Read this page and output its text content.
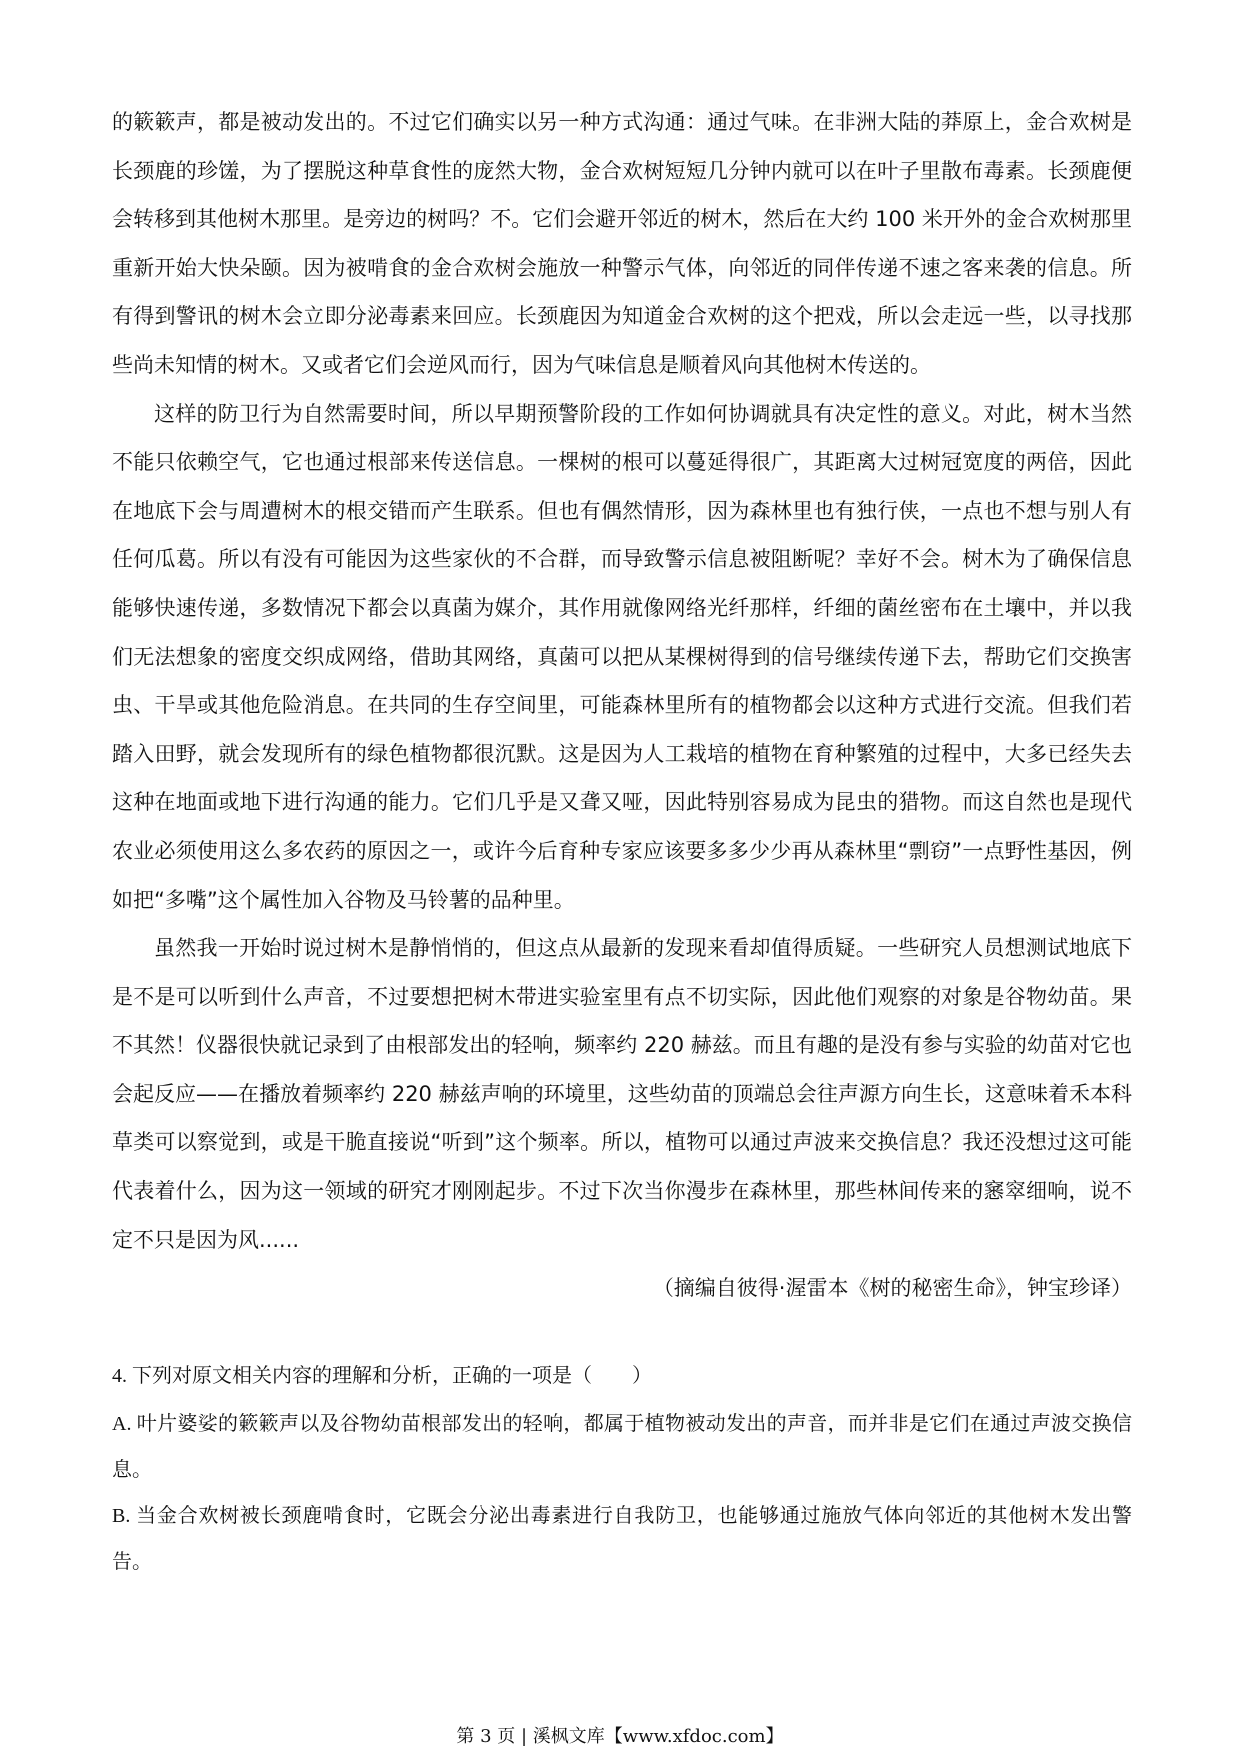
的簌簌声，都是被动发出的。不过它们确实以另一种方式沟通：通过气味。在非洲大陆的莽原上，金合欢树是长颈鹿的珍馐，为了摆脱这种草食性的庞然大物，金合欢树短短几分钟内就可以在叶子里散布毒素。长颈鹿便会转移到其他树木那里。是旁边的树吗？不。它们会避开邻近的树木，然后在大约 100 米开外的金合欢树那里重新开始大快朵颐。因为被啃食的金合欢树会施放一种警示气体，向邻近的同伴传递不速之客来袭的信息。所有得到警讯的树木会立即分泌毒素来回应。长颈鹿因为知道金合欢树的这个把戏，所以会走远一些，以寻找那些尚未知情的树木。又或者它们会逆风而行，因为气味信息是顺着风向其他树木传送的。

这样的防卫行为自然需要时间，所以早期预警阶段的工作如何协调就具有决定性的意义。对此，树木当然不能只依赖空气，它也通过根部来传送信息。一棵树的根可以蔓延得很广，其距离大过树冠宽度的两倍，因此在地底下会与周遭树木的根交错而产生联系。但也有偶然情形，因为森林里也有独行侠，一点也不想与别人有任何瓜葛。所以有没有可能因为这些家伙的不合群，而导致警示信息被阻断呢？幸好不会。树木为了确保信息能够快速传递，多数情况下都会以真菌为媒介，其作用就像网络光纤那样，纤细的菌丝密布在土壤中，并以我们无法想象的密度交织成网络，借助其网络，真菌可以把从某棵树得到的信号继续传递下去，帮助它们交换害虫、干旱或其他危险消息。在共同的生存空间里，可能森林里所有的植物都会以这种方式进行交流。但我们若踏入田野，就会发现所有的绿色植物都很沉默。这是因为人工栽培的植物在育种繁殖的过程中，大多已经失去这种在地面或地下进行沟通的能力。它们几乎是又聋又哑，因此特别容易成为昆虫的猎物。而这自然也是现代农业必须使用这么多农药的原因之一，或许今后育种专家应该要多多少少再从森林里“剽窃”一点野性基因，例如把“多嘴”这个属性加入谷物及马铃薯的品种里。

虽然我一开始时说过树木是静悄悄的，但这点从最新的发现来看却值得质疑。一些研究人员想测试地底下是不是可以听到什么声音，不过要想把树木带进实验室里有点不切实际，因此他们观察的对象是谷物幼苗。果不其然！仪器很快就记录到了由根部发出的轻响，频率约 220 赫兹。而且有趣的是没有参与实验的幼苗对它也会起反应——在播放着频率约 220 赫兹声响的环境里，这些幼苗的顶端总会往声源方向生长，这意味着禾本科草类可以察觉到，或是干脆直接说“听到”这个频率。所以，植物可以通过声波来交换信息？我还没想过这可能代表着什么，因为这一领域的研究才刚刚起步。不过下次当你漫步在森林里，那些林间传来的窸窣细响，说不定不只是因为风......

（摘编自彼得·渥雷本《树的秘密生命》，钟宝珍译）

4. 下列对原文相关内容的理解和分析，正确的一项是（　　）

A. 叶片婆娑的簌簌声以及谷物幼苗根部发出的轻响，都属于植物被动发出的声音，而并非是它们在通过声波交换信息。

B. 当金合欢树被长颈鹿啃食时，它既会分泌出毒素进行自我防卫，也能够通过施放气体向邻近的其他树木发出警告。

第 3 页 | 溪枫文库【www.xfdoc.com】
